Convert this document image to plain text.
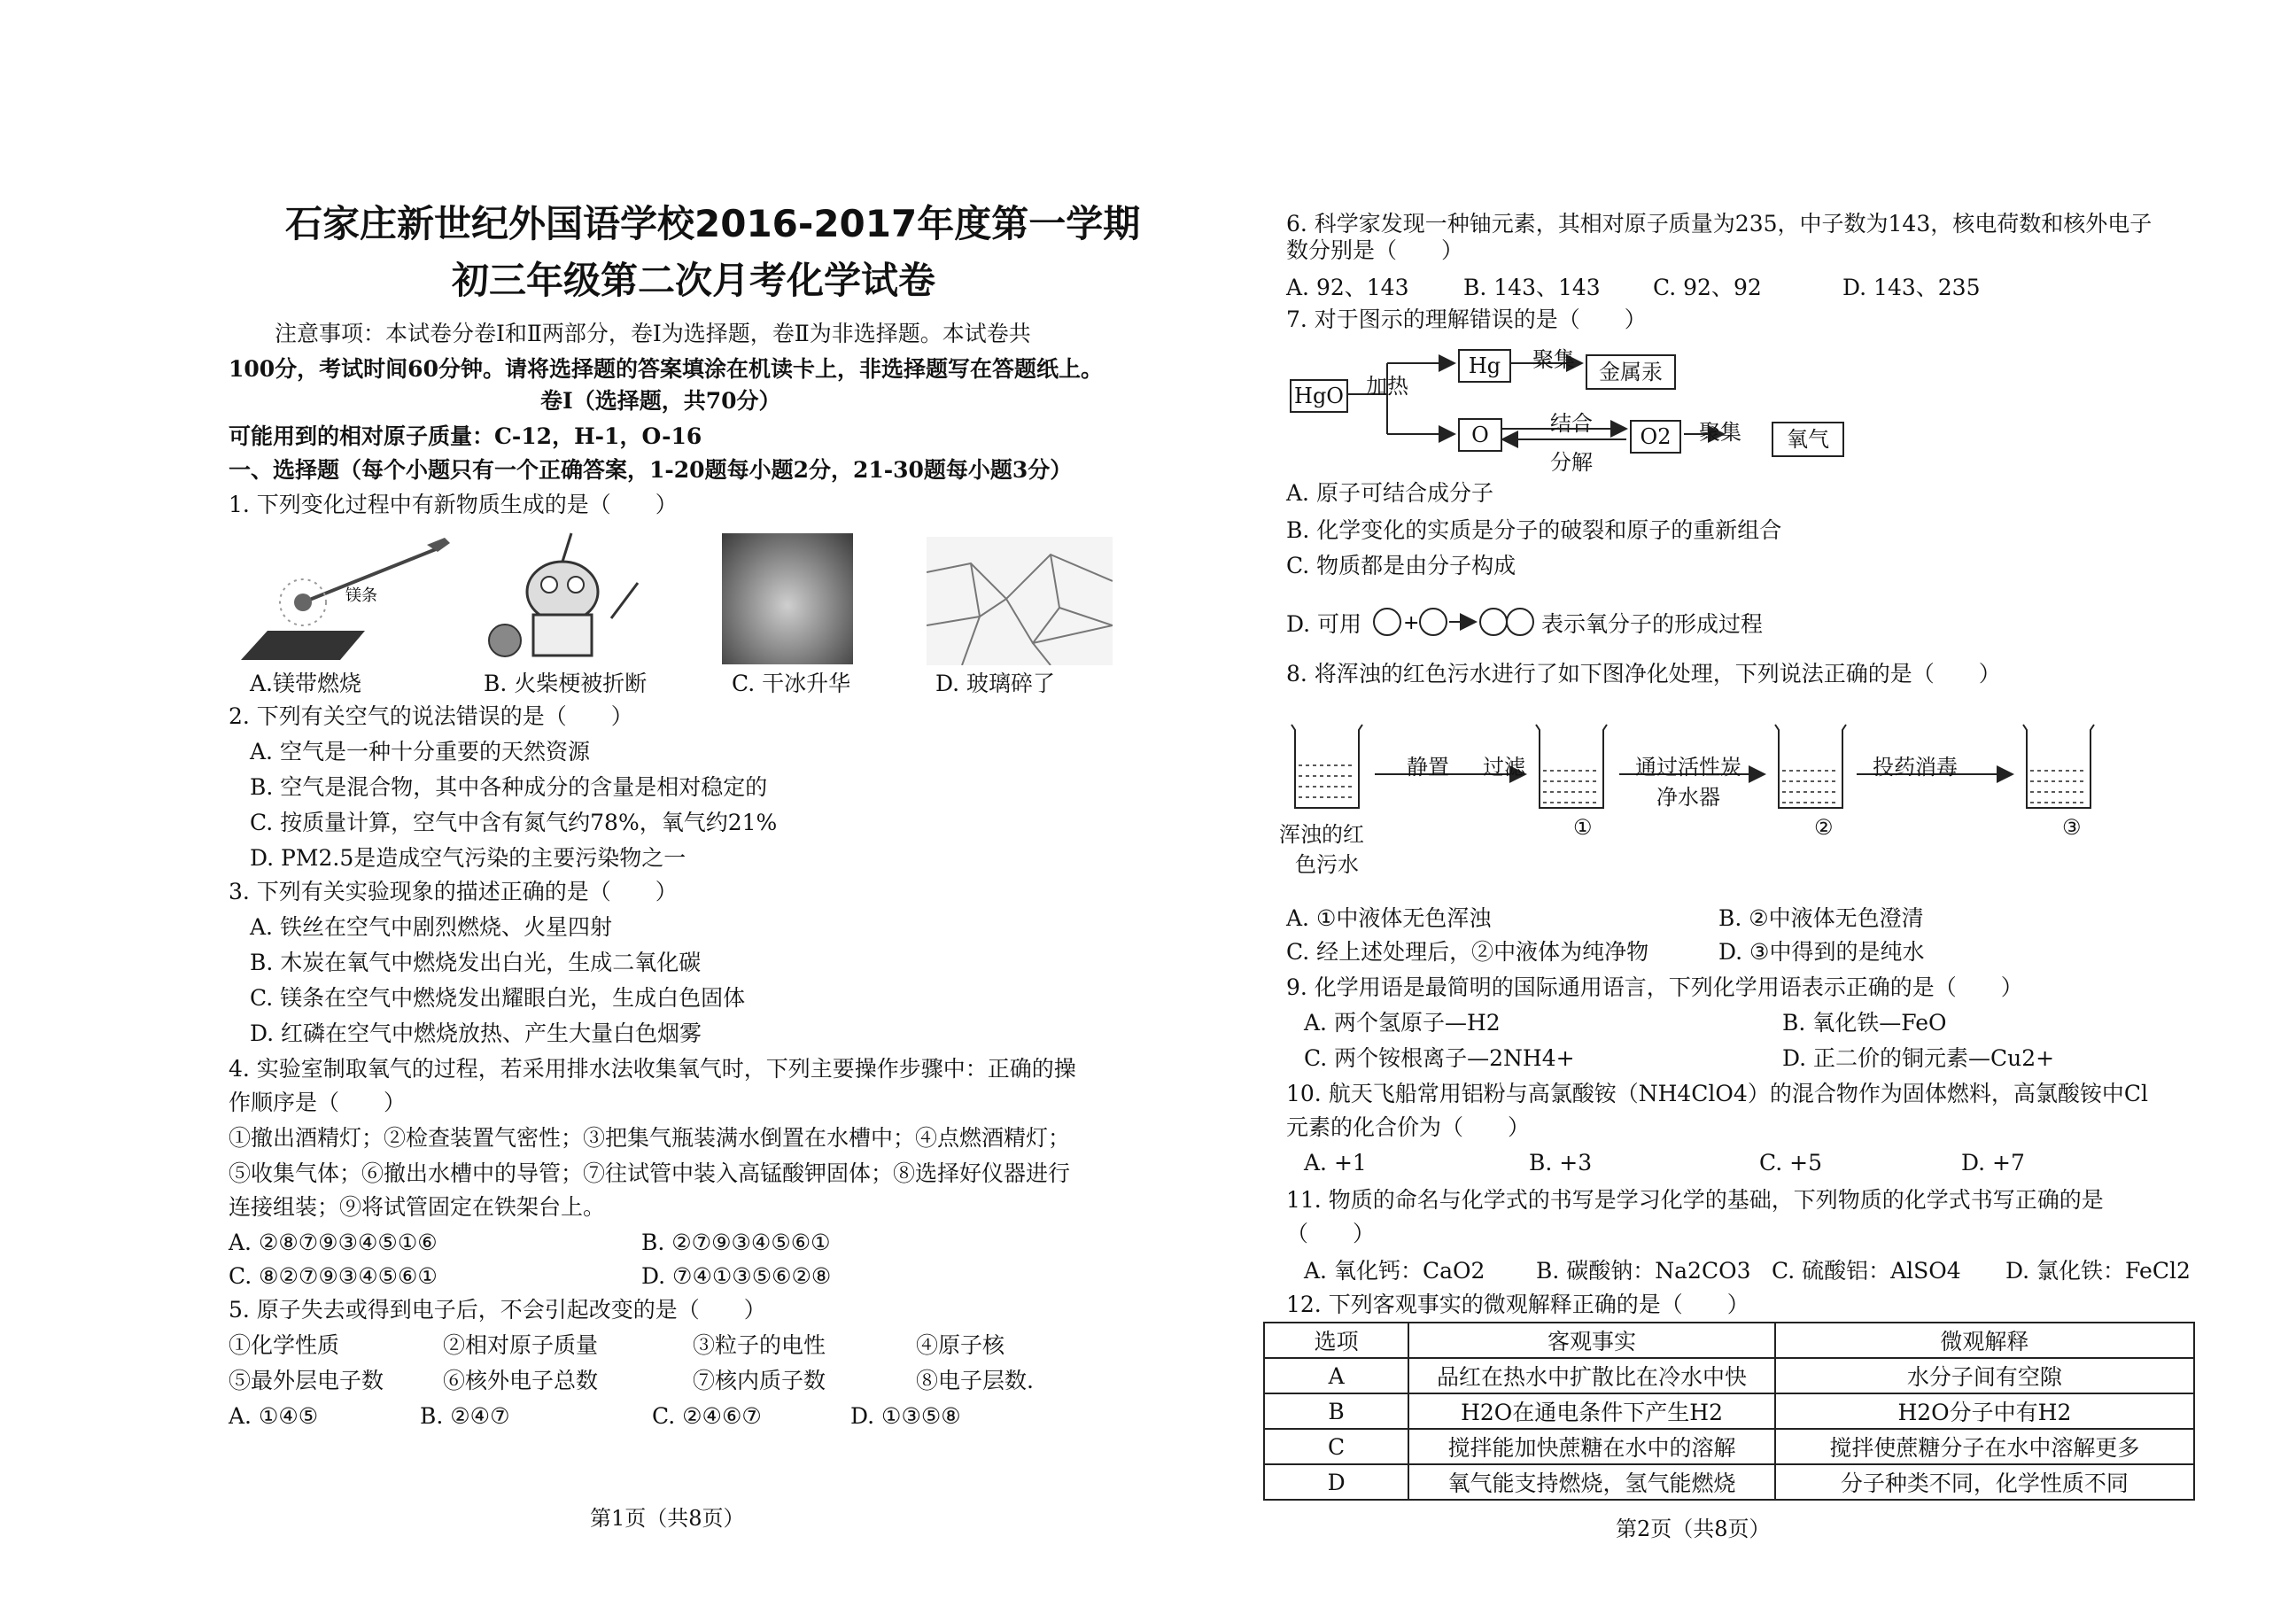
石家庄新世纪外国语学校2016-2017年度第一学期
初三年级第二次月考化学试卷
注意事项：本试卷分卷Ⅰ和Ⅱ两部分，卷Ⅰ为选择题，卷Ⅱ为非选择题。本试卷共
100分，考试时间60分钟。请将选择题的答案填涂在机读卡上，非选择题写在答题纸上。
卷Ⅰ（选择题，共70分）
可能用到的相对原子质量：C-12，H-1，O-16
一、选择题（每个小题只有一个正确答案，1-20题每小题2分，21-30题每小题3分）
1. 下列变化过程中有新物质生成的是（　　）
镁条
A.镁带燃烧	B. 火柴梗被折断	C. 干冰升华	D. 玻璃碎了
2. 下列有关空气的说法错误的是（　　）
A. 空气是一种十分重要的天然资源
B. 空气是混合物，其中各种成分的含量是相对稳定的
C. 按质量计算，空气中含有氮气约78%，氧气约21%
D. PM2.5是造成空气污染的主要污染物之一
3. 下列有关实验现象的描述正确的是（　　）
A. 铁丝在空气中剧烈燃烧、火星四射
B. 木炭在氧气中燃烧发出白光，生成二氧化碳
C. 镁条在空气中燃烧发出耀眼白光，生成白色固体
D. 红磷在空气中燃烧放热、产生大量白色烟雾
4. 实验室制取氧气的过程，若采用排水法收集氧气时，下列主要操作步骤中：正确的操
作顺序是（　　）
①撤出酒精灯；②检查装置气密性；③把集气瓶装满水倒置在水槽中；④点燃酒精灯；
⑤收集气体；⑥撤出水槽中的导管；⑦往试管中装入高锰酸钾固体；⑧选择好仪器进行
连接组装；⑨将试管固定在铁架台上。
A. ②⑧⑦⑨③④⑤①⑥	B. ②⑦⑨③④⑤⑥①
C. ⑧②⑦⑨③④⑤⑥①	D. ⑦④①③⑤⑥②⑧
5. 原子失去或得到电子后，不会引起改变的是（　　）
①化学性质	②相对原子质量	③粒子的电性	④原子核
⑤最外层电子数	⑥核外电子总数	⑦核内质子数	⑧电子层数.
A. ①④⑤	B. ②④⑦	C. ②④⑥⑦	D. ①③⑤⑧
第1页（共8页）
6. 科学家发现一种铀元素，其相对原子质量为235，中子数为143，核电荷数和核外电子
数分别是（　　）
A. 92、143 B. 143、143 C. 92、92	D. 143、235
7. 对于图示的理解错误的是（　　）
HgO 加热
Hg	聚集	金属汞
O	结合
分解
O2	聚集	氧气
A. 原子可结合成分子
B. 化学变化的实质是分子的破裂和原子的重新组合
C. 物质都是由分子构成
D. 可用 +	表示氧分子的形成过程
8. 将浑浊的红色污水进行了如下图净化处理，下列说法正确的是（　　）
静置 过滤	通过活性炭
净水器
投药消毒
浑浊的红
色污水
①	②	③
A. ①中液体无色浑浊	B. ②中液体无色澄清
C. 经上述处理后，②中液体为纯净物	D. ③中得到的是纯水
9. 化学用语是最简明的国际通用语言，下列化学用语表示正确的是（　　）
A. 两个氢原子—H2	B. 氧化铁—FeO
C. 两个铵根离子—2NH4+	D. 正二价的铜元素—Cu2+
10. 航天飞船常用铝粉与高氯酸铵（NH4ClO4）的混合物作为固体燃料，高氯酸铵中Cl
元素的化合价为（　　）
A. +1	B. +3	C. +5	D. +7
11. 物质的命名与化学式的书写是学习化学的基础，下列物质的化学式书写正确的是
（　　）
A. 氧化钙：CaO2 B. 碳酸钠：Na2CO3 C. 硫酸铝：AlSO4 D. 氯化铁：FeCl2
12. 下列客观事实的微观解释正确的是（　　）
选项	客观事实	微观解释
A	品红在热水中扩散比在冷水中快	水分子间有空隙
B	H2O在通电条件下产生H2	H2O分子中有H2
C	搅拌能加快蔗糖在水中的溶解	搅拌使蔗糖分子在水中溶解更多
D	氧气能支持燃烧，氢气能燃烧	分子种类不同，化学性质不同
第2页（共8页）
